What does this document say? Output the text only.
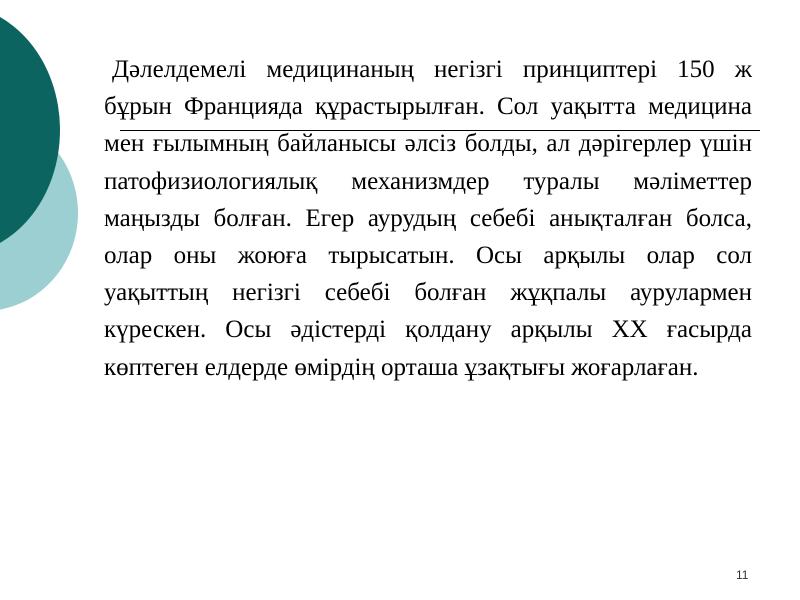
Дәлелдемелі медицинаның негізгі принциптері 150 ж бұрын Францияда құрастырылған. Сол уақытта медицина мен ғылымның байланысы әлсіз болды, ал дәрігерлер үшін патофизиологиялық механизмдер туралы мәліметтер маңызды болған. Егер аурудың себебі анықталған болса, олар оны жоюға тырысатын. Осы арқылы олар сол уақыттың негізгі себебі болған жұқпалы аурулармен күрескен. Осы әдістерді қолдану арқылы ХХ ғасырда көптеген елдерде өмірдің орташа ұзақтығы жоғарлаған.

11
